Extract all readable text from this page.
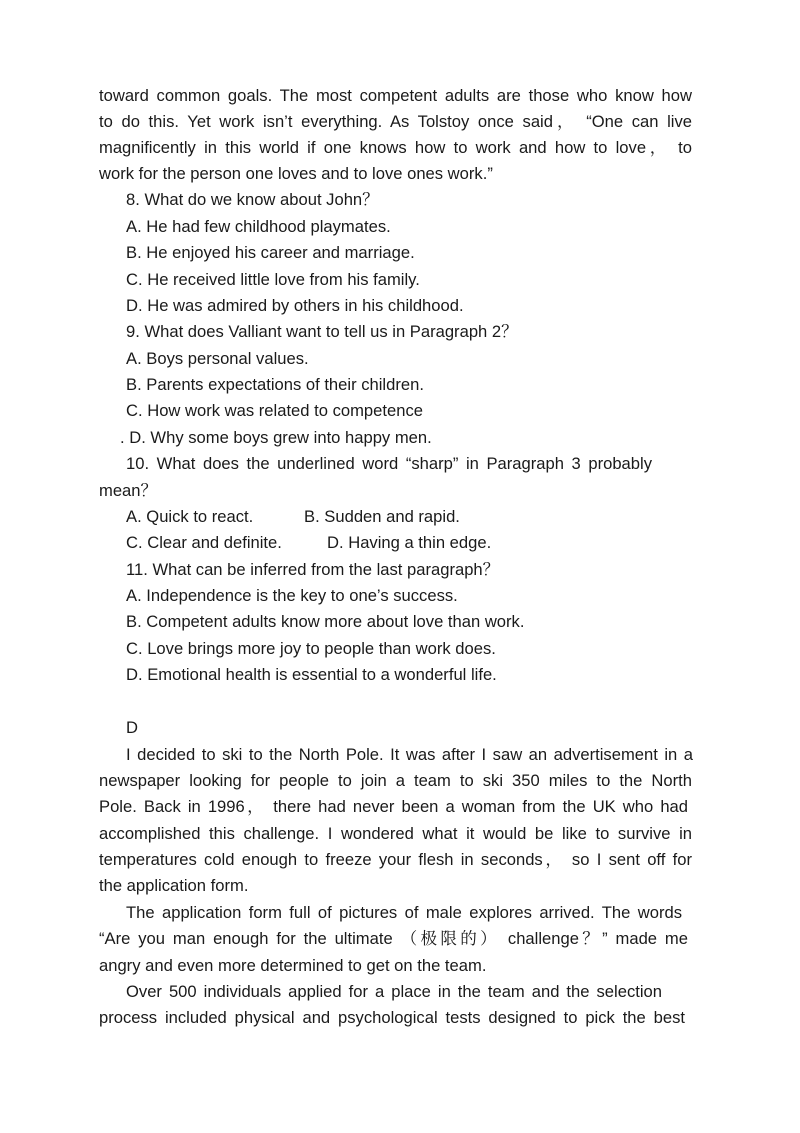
toward common goals. The most competent adults are those who know how

to do this. Yet work isn’t everything. As Tolstoy once said， “One can live

magnificently in this world if one knows how to work and how to love， to

work for the person one loves and to love ones work.”

8. What do we know about John？

A. He had few childhood playmates.

B. He enjoyed his career and marriage.

C. He received little love from his family.

D. He was admired by others in his childhood.

9. What does Valliant want to tell us in Paragraph 2？

A. Boys personal values.

B. Parents expectations of their children.

C. How work was related to competence

. D. Why some boys grew into happy men.

10. What does the underlined word “sharp” in Paragraph 3 probably

mean？

A. Quick to react.	B. Sudden and rapid.

C. Clear and definite.	D. Having a thin edge.

11. What can be inferred from the last paragraph？

A. Independence is the key to one’s success.

B. Competent adults know more about love than work.

C. Love brings more joy to people than work does.

D. Emotional health is essential to a wonderful life.

D

I decided to ski to the North Pole. It was after I saw an advertisement in a

newspaper looking for people to join a team to ski 350 miles to the North

Pole. Back in 1996， there had never been a woman from the UK who had

accomplished this challenge. I wondered what it would be like to survive in

temperatures cold enough to freeze your flesh in seconds， so I sent off for

the application form.

The application form full of pictures of male explores arrived. The words

“Are you man enough for the ultimate （极限的） challenge？” made me

angry and even more determined to get on the team.

Over 500 individuals applied for a place in the team and the selection

process included physical and psychological tests designed to pick the best
